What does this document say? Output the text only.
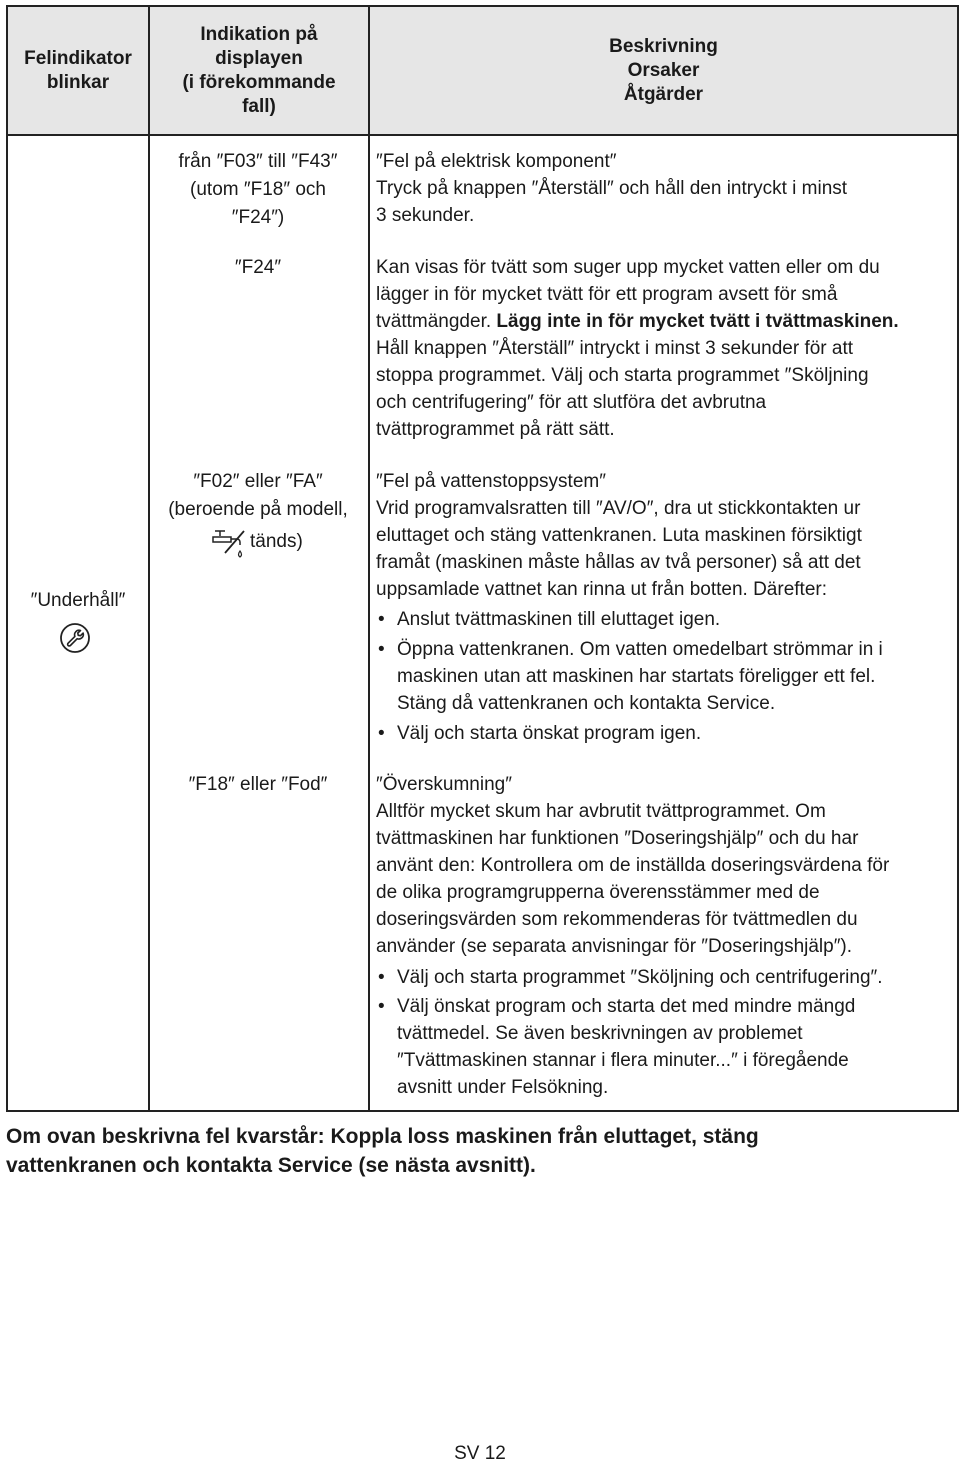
Felindikator
blinkar
Indikation på
displayen
(i förekommande
fall)
Beskrivning
Orsaker
Åtgärder
″Underhåll″
från ″F03″ till ″F43″
(utom ″F18″ och
″F24″)
″Fel på elektrisk komponent″
Tryck på knappen ″Återställ″ och håll den intryckt i minst
3 sekunder.
″F24″	Kan visas för tvätt som suger upp mycket vatten eller om du
lägger in för mycket tvätt för ett program avsett för små
tvättmängder. Lägg inte in för mycket tvätt i tvättmaskinen.
Håll knappen ″Återställ″ intryckt i minst 3 sekunder för att
stoppa programmet. Välj och starta programmet ″Sköljning
och centrifugering″ för att slutföra det avbrutna
tvättprogrammet på rätt sätt.
″F02″ eller ″FA″
(beroende på modell,
tänds)
″Fel på vattenstoppsystem″
Vrid programvalsratten till ″AV/O″, dra ut stickkontakten ur
eluttaget och stäng vattenkranen. Luta maskinen försiktigt
framåt (maskinen måste hållas av två personer) så att det
uppsamlade vattnet kan rinna ut från botten. Därefter:
• Anslut tvättmaskinen till eluttaget igen.
• Öppna vattenkranen. Om vatten omedelbart strömmar in i
maskinen utan att maskinen har startats föreligger ett fel.
Stäng då vattenkranen och kontakta Service.
• Välj och starta önskat program igen.
″F18″ eller ″Fod″	″Överskumning″
Alltför mycket skum har avbrutit tvättprogrammet. Om
tvättmaskinen har funktionen ″Doseringshjälp″ och du har
använt den: Kontrollera om de inställda doseringsvärdena för
de olika programgrupperna överensstämmer med de
doseringsvärden som rekommenderas för tvättmedlen du
använder (se separata anvisningar för ″Doseringshjälp″).
• Välj och starta programmet ″Sköljning och centrifugering″.
• Välj önskat program och starta det med mindre mängd
tvättmedel. Se även beskrivningen av problemet
″Tvättmaskinen stannar i flera minuter...″ i föregående
avsnitt under Felsökning.
Om ovan beskrivna fel kvarstår: Koppla loss maskinen från eluttaget, stäng
vattenkranen och kontakta Service (se nästa avsnitt).
SV 12
